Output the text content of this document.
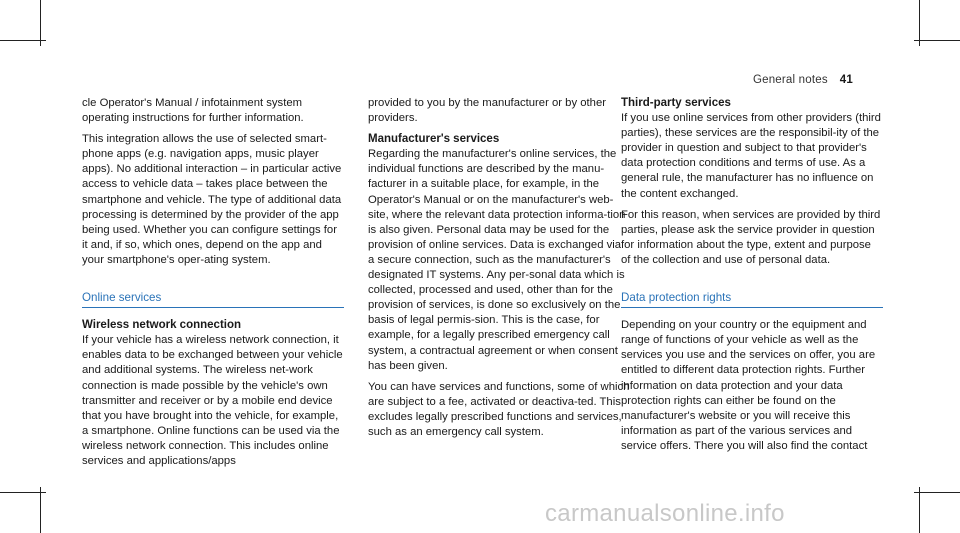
General notes 41

cle Operator's Manual / infotainment system operating instructions for further information.

This integration allows the use of selected smart-phone apps (e.g. navigation apps, music player apps). No additional interaction – in particular active access to vehicle data – takes place between the smartphone and vehicle. The type of additional data processing is determined by the provider of the app being used. Whether you can configure settings for it and, if so, which ones, depend on the app and your smartphone's oper-ating system.

Online services
Wireless network connection

If your vehicle has a wireless network connection, it enables data to be exchanged between your vehicle and additional systems. The wireless net-work connection is made possible by the vehicle's own transmitter and receiver or by a mobile end device that you have brought into the vehicle, for example, a smartphone. Online functions can be used via the wireless network connection. This includes online services and applications/apps

provided to you by the manufacturer or by other providers.

Manufacturer's services

Regarding the manufacturer's online services, the individual functions are described by the manu-facturer in a suitable place, for example, in the Operator's Manual or on the manufacturer's web-site, where the relevant data protection informa-tion is also given. Personal data may be used for the provision of online services. Data is exchanged via a secure connection, such as the manufacturer's designated IT systems. Any per-sonal data which is collected, processed and used, other than for the provision of services, is done so exclusively on the basis of legal permis-sion. This is the case, for example, for a legally prescribed emergency call system, a contractual agreement or when consent has been given.

You can have services and functions, some of which are subject to a fee, activated or deactiva-ted. This excludes legally prescribed functions and services, such as an emergency call system.

Third-party services

If you use online services from other providers (third parties), these services are the responsibil-ity of the provider in question and subject to that provider's data protection conditions and terms of use. As a general rule, the manufacturer has no influence on the content exchanged.

For this reason, when services are provided by third parties, please ask the service provider in question for information about the type, extent and purpose of the collection and use of personal data.

Data protection rights

Depending on your country or the equipment and range of functions of your vehicle as well as the services you use and the services on offer, you are entitled to different data protection rights. Further information on data protection and your data protection rights can either be found on the manufacturer's website or you will receive this information as part of the various services and service offers. There you will also find the contact

carmanualsonline.info
